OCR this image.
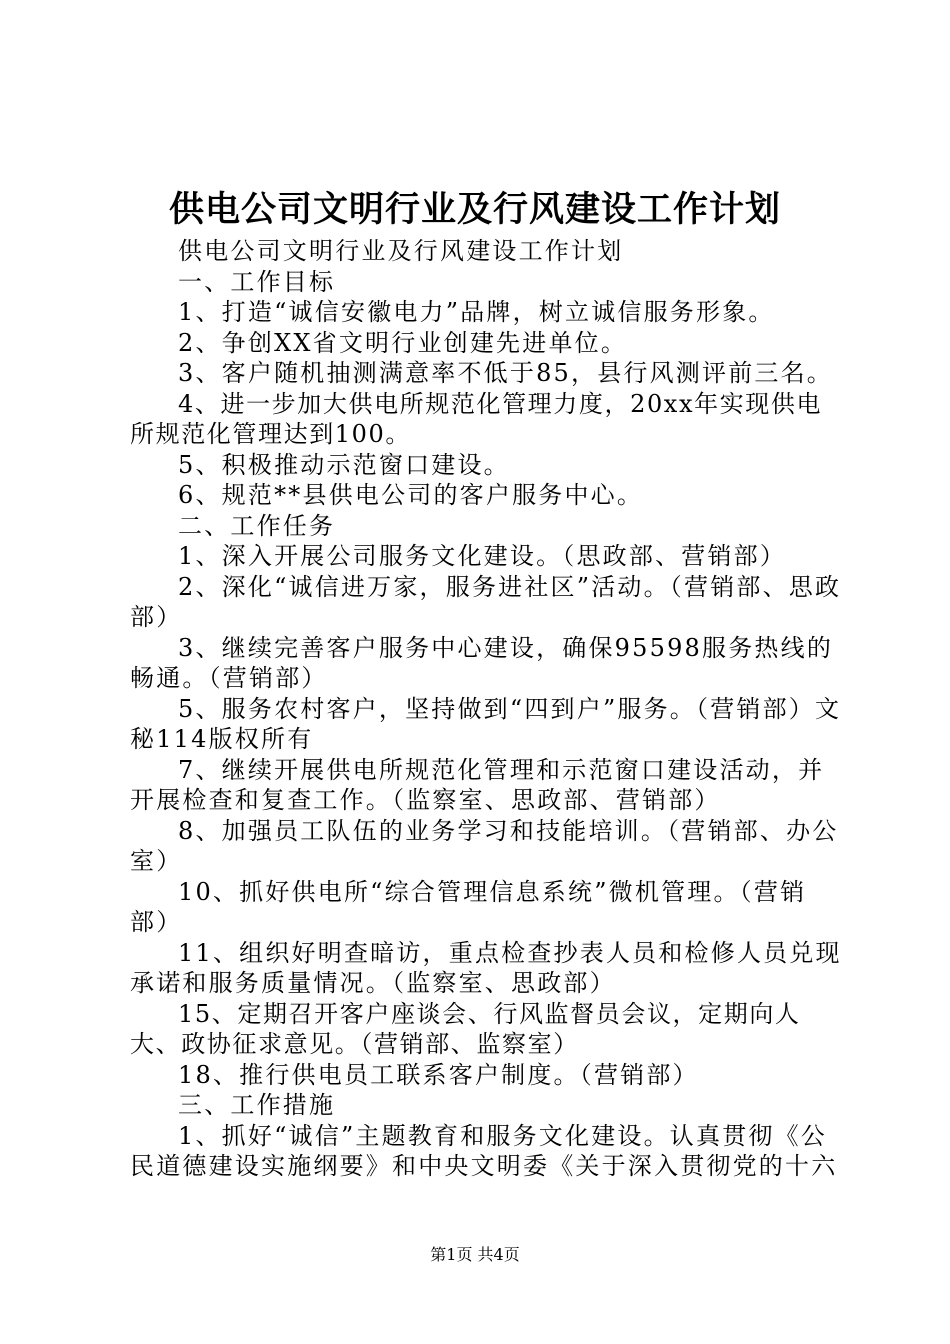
供电公司文明行业及行风建设工作计划

供电公司文明行业及行风建设工作计划

一、工作目标

1、打造“诚信安徽电力”品牌，树立诚信服务形象。

2、争创XX省文明行业创建先进单位。

3、客户随机抽测满意率不低于85，县行风测评前三名。

4、进一步加大供电所规范化管理力度，20xx年实现供电所规范化管理达到100。

5、积极推动示范窗口建设。

6、规范**县供电公司的客户服务中心。

二、工作任务

1、深入开展公司服务文化建设。（思政部、营销部）

2、深化“诚信进万家，服务进社区”活动。（营销部、思政部）

3、继续完善客户服务中心建设，确保95598服务热线的畅通。（营销部）

5、服务农村客户，坚持做到“四到户”服务。（营销部）文秘114版权所有

7、继续开展供电所规范化管理和示范窗口建设活动，并开展检查和复查工作。（监察室、思政部、营销部）

8、加强员工队伍的业务学习和技能培训。（营销部、办公室）

10、抓好供电所“综合管理信息系统”微机管理。（营销部）

11、组织好明查暗访，重点检查抄表人员和检修人员兑现承诺和服务质量情况。（监察室、思政部）

15、定期召开客户座谈会、行风监督员会议，定期向人大、政协征求意见。（营销部、监察室）

18、推行供电员工联系客户制度。（营销部）

三、工作措施

1、抓好“诚信”主题教育和服务文化建设。认真贯彻《公民道德建设实施纲要》和中央文明委《关于深入贯彻党的十六

第1页 共4页
